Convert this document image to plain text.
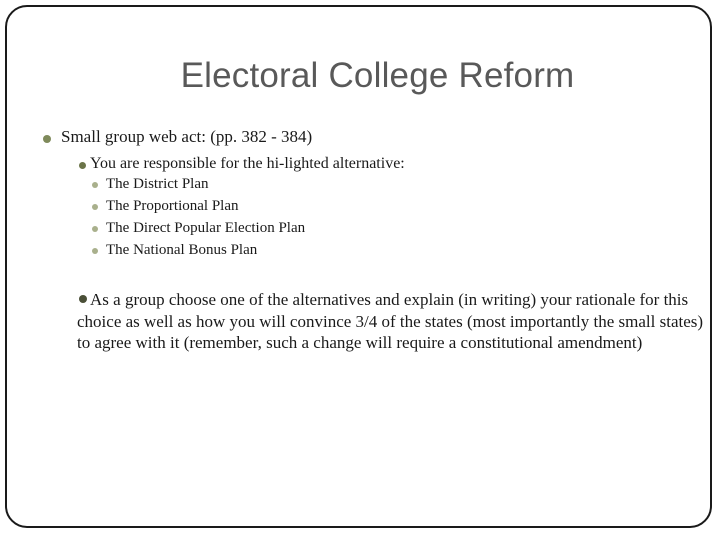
Electoral College Reform
Small group web act: (pp. 382 - 384)
You are responsible for the hi-lighted alternative:
The District Plan
The Proportional Plan
The Direct Popular Election Plan
The National Bonus Plan
As a group choose one of the alternatives and explain (in writing) your rationale for this choice as well as how you will convince 3/4 of the states (most importantly the small states) to agree with it (remember, such a change will require a constitutional amendment)
